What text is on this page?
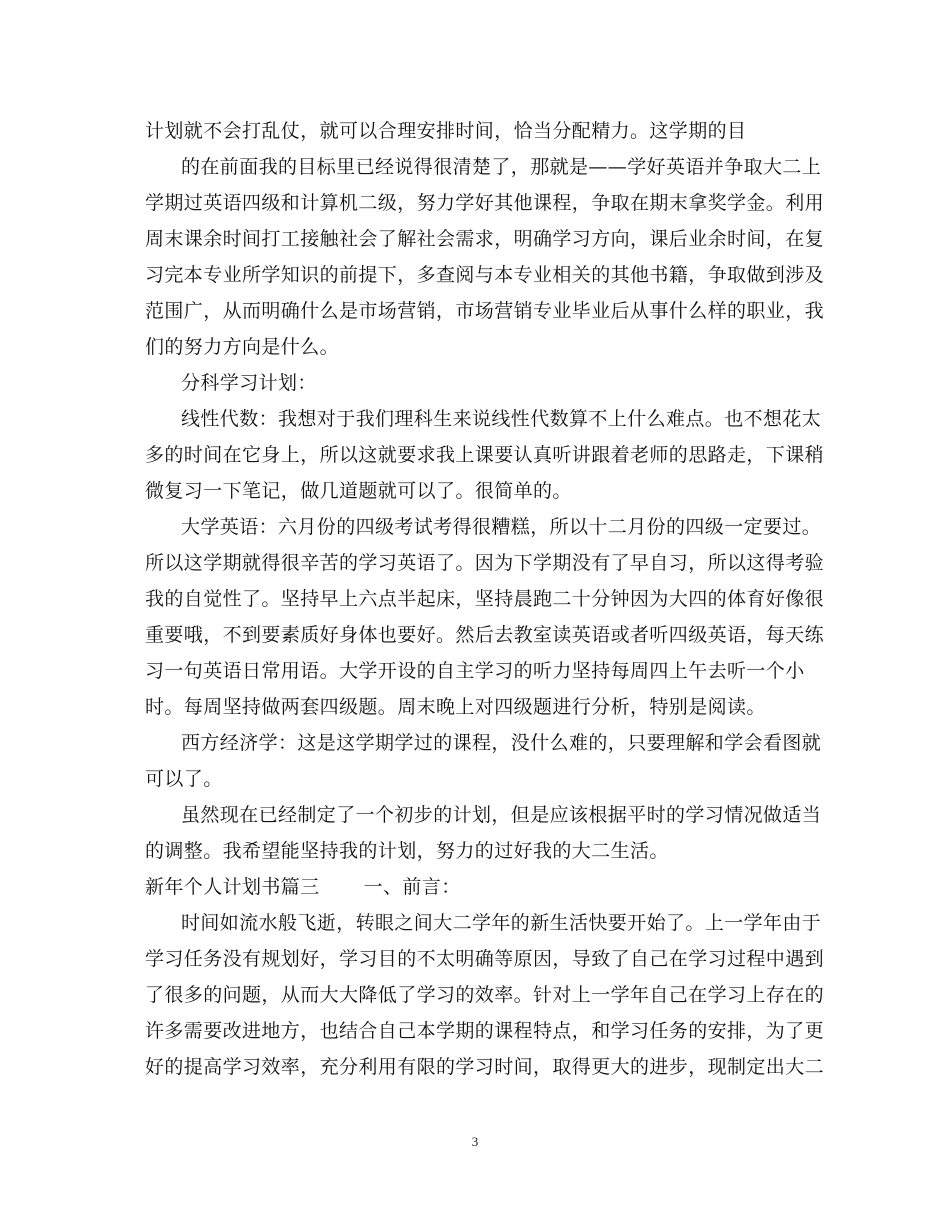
计划就不会打乱仗，就可以合理安排时间，恰当分配精力。这学期的目
的在前面我的目标里已经说得很清楚了，那就是——学好英语并争取大二上
学期过英语四级和计算机二级，努力学好其他课程，争取在期末拿奖学金。利用
周末课余时间打工接触社会了解社会需求，明确学习方向，课后业余时间，在复
习完本专业所学知识的前提下，多查阅与本专业相关的其他书籍，争取做到涉及
范围广，从而明确什么是市场营销，市场营销专业毕业后从事什么样的职业，我
们的努力方向是什么。
分科学习计划：
线性代数：我想对于我们理科生来说线性代数算不上什么难点。也不想花太
多的时间在它身上，所以这就要求我上课要认真听讲跟着老师的思路走，下课稍
微复习一下笔记，做几道题就可以了。很简单的。
大学英语：六月份的四级考试考得很糟糕，所以十二月份的四级一定要过。
所以这学期就得很辛苦的学习英语了。因为下学期没有了早自习，所以这得考验
我的自觉性了。坚持早上六点半起床，坚持晨跑二十分钟因为大四的体育好像很
重要哦，不到要素质好身体也要好。然后去教室读英语或者听四级英语，每天练
习一句英语日常用语。大学开设的自主学习的听力坚持每周四上午去听一个小
时。每周坚持做两套四级题。周末晚上对四级题进行分析，特别是阅读。
西方经济学：这是这学期学过的课程，没什么难的，只要理解和学会看图就
可以了。
虽然现在已经制定了一个初步的计划，但是应该根据平时的学习情况做适当
的调整。我希望能坚持我的计划，努力的过好我的大二生活。
新年个人计划书篇三 一、前言：
时间如流水般飞逝，转眼之间大二学年的新生活快要开始了。上一学年由于
学习任务没有规划好，学习目的不太明确等原因，导致了自己在学习过程中遇到
了很多的问题，从而大大降低了学习的效率。针对上一学年自己在学习上存在的
许多需要改进地方，也结合自己本学期的课程特点，和学习任务的安排，为了更
好的提高学习效率，充分利用有限的学习时间，取得更大的进步，现制定出大二
3
